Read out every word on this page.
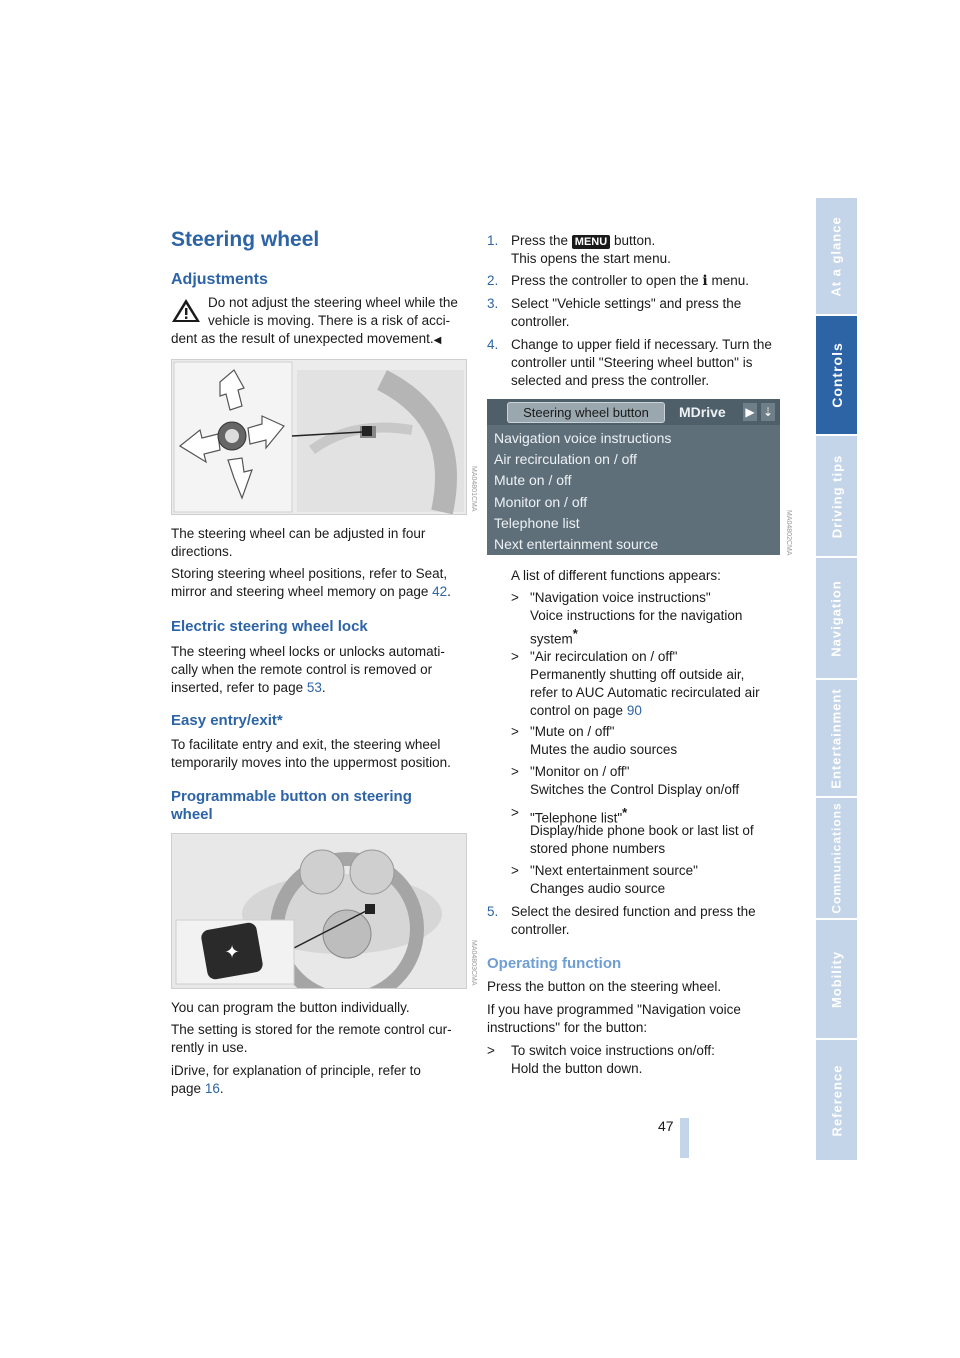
At a glance
Controls
Driving tips
Navigation
Entertainment
Communications
Mobility
Reference
Steering wheel
Adjustments

Do not adjust the steering wheel while the

vehicle is moving. There is a risk of acci-

dent as the result of unexpected movement.◀

MA04801CMA

The steering wheel can be adjusted in four

directions.

Storing steering wheel positions, refer to Seat,

mirror and steering wheel memory on page 42.

Electric steering wheel lock

The steering wheel locks or unlocks automati-

cally when the remote control is removed or

inserted, refer to page 53.

Easy entry/exit*

To facilitate entry and exit, the steering wheel

temporarily moves into the uppermost position.

Programmable button on steering
wheel
✦	MA04803CMA

You can program the button individually.

The setting is stored for the remote control cur-

rently in use.

iDrive, for explanation of principle, refer to

page 16.

1. Press the MENU button.

This opens the start menu.

2. Press the controller to open the i menu.

3. Select "Vehicle settings" and press the

controller.

4. Change to upper field if necessary. Turn the

controller until "Steering wheel button" is

selected and press the controller.

Steering wheel button	MDrive ▶ ⇣
Navigation voice instructions
Air recirculation on / off
Mute on / off
Monitor on / off
Telephone list
Next entertainment source	MA04802CMA

A list of different functions appears:

> "Navigation voice instructions"

Voice instructions for the navigation

system*

> "Air recirculation on / off"

Permanently shutting off outside air,

refer to AUC Automatic recirculated air

control on page 90

> "Mute on / off"

Mutes the audio sources

> "Monitor on / off"

Switches the Control Display on/off

> "Telephone list"*

Display/hide phone book or last list of

stored phone numbers

> "Next entertainment source"

Changes audio source

5. Select the desired function and press the

controller.

Operating function

Press the button on the steering wheel.

If you have programmed "Navigation voice

instructions" for the button:

> To switch voice instructions on/off:

Hold the button down.

47
